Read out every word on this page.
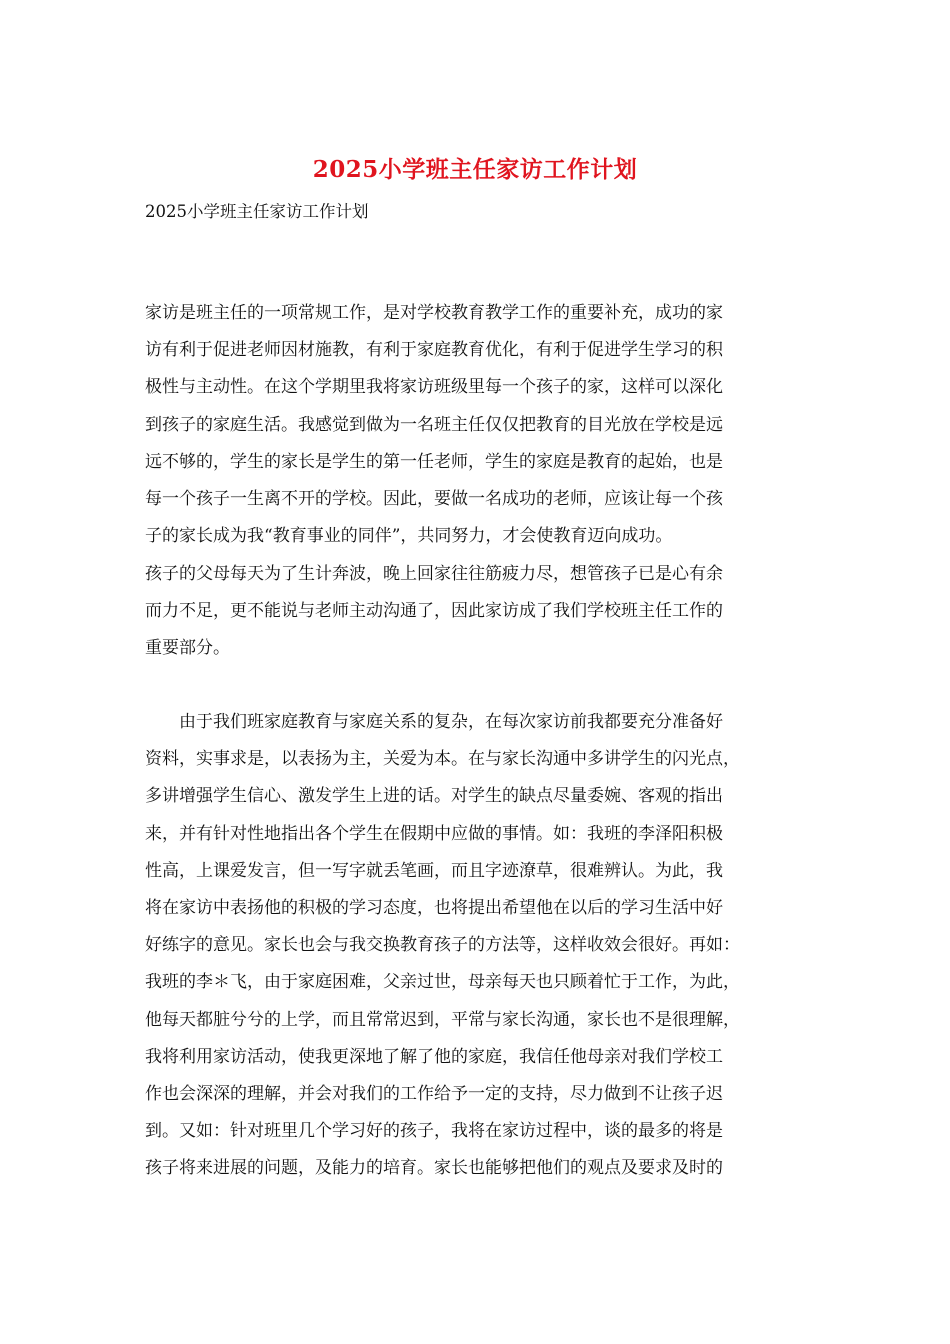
2025小学班主任家访工作计划
2025小学班主任家访工作计划
家访是班主任的一项常规工作，是对学校教育教学工作的重要补充，成功的家
访有利于促进老师因材施教，有利于家庭教育优化，有利于促进学生学习的积
极性与主动性。在这个学期里我将家访班级里每一个孩子的家，这样可以深化
到孩子的家庭生活。我感觉到做为一名班主任仅仅把教育的目光放在学校是远
远不够的，学生的家长是学生的第一任老师，学生的家庭是教育的起始，也是
每一个孩子一生离不开的学校。因此，要做一名成功的老师，应该让每一个孩
子的家长成为我“教育事业的同伴”，共同努力，才会使教育迈向成功。
孩子的父母每天为了生计奔波，晚上回家往往筋疲力尽，想管孩子已是心有余
而力不足，更不能说与老师主动沟通了，因此家访成了我们学校班主任工作的
重要部分。
　　由于我们班家庭教育与家庭关系的复杂，在每次家访前我都要充分准备好
资料，实事求是，以表扬为主，关爱为本。在与家长沟通中多讲学生的闪光点，
多讲增强学生信心、激发学生上进的话。对学生的缺点尽量委婉、客观的指出
来，并有针对性地指出各个学生在假期中应做的事情。如：我班的李泽阳积极
性高，上课爱发言，但一写字就丢笔画，而且字迹潦草，很难辨认。为此，我
将在家访中表扬他的积极的学习态度，也将提出希望他在以后的学习生活中好
好练字的意见。家长也会与我交换教育孩子的方法等，这样收效会很好。再如：
我班的李＊飞，由于家庭困难，父亲过世，母亲每天也只顾着忙于工作，为此，
他每天都脏兮兮的上学，而且常常迟到，平常与家长沟通，家长也不是很理解，
我将利用家访活动，使我更深地了解了他的家庭，我信任他母亲对我们学校工
作也会深深的理解，并会对我们的工作给予一定的支持，尽力做到不让孩子迟
到。又如：针对班里几个学习好的孩子，我将在家访过程中，谈的最多的将是
孩子将来进展的问题，及能力的培育。家长也能够把他们的观点及要求及时的
